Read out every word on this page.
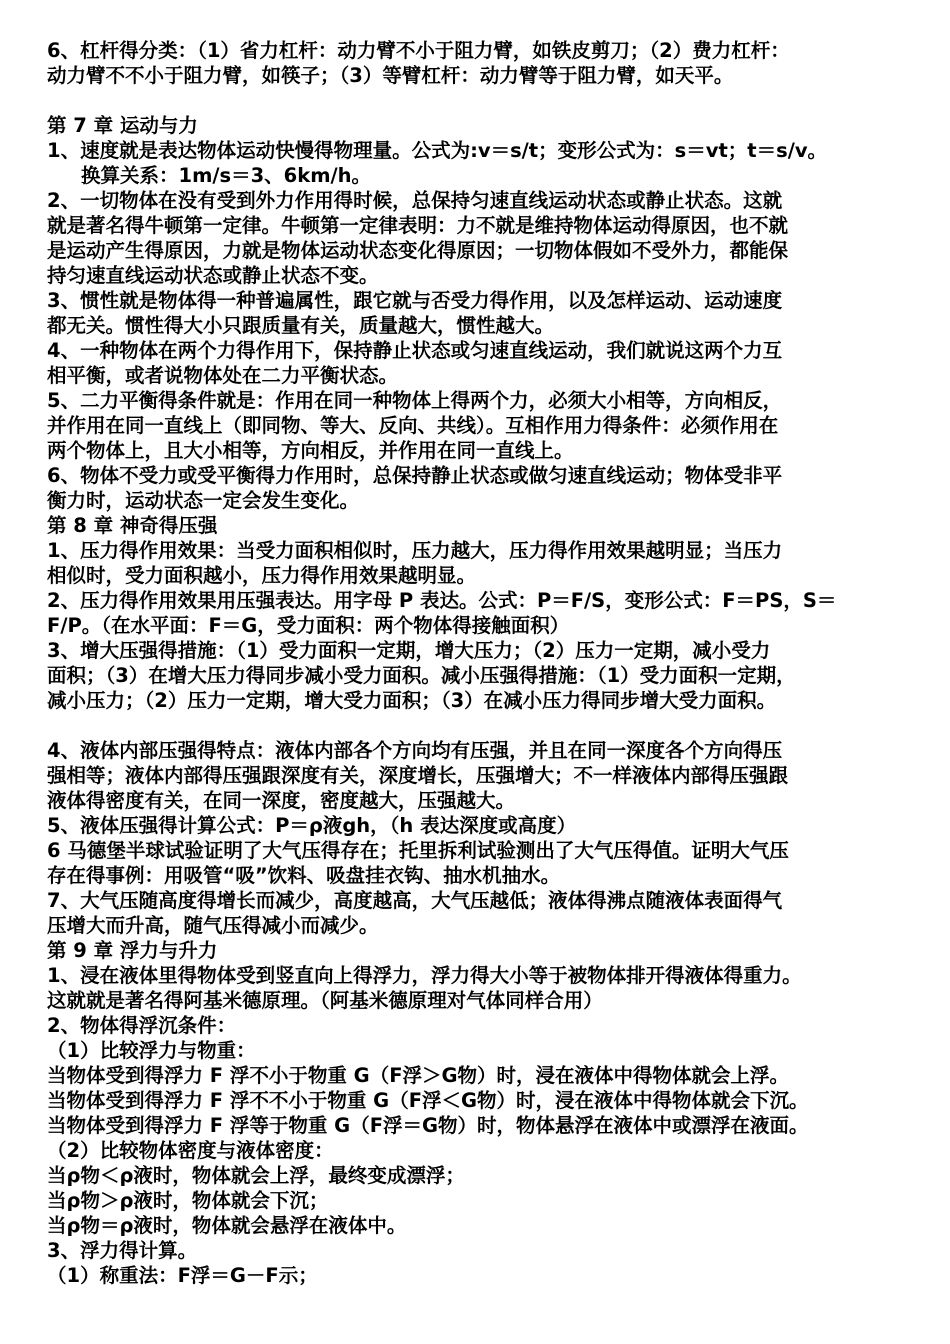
6、杠杆得分类：（1）省力杠杆：动力臂不小于阻力臂，如铁皮剪刀；（2）费力杠杆：
动力臂不不小于阻力臂，如筷子；（3）等臂杠杆：动力臂等于阻力臂，如天平。
第 7 章 运动与力
1、速度就是表达物体运动快慢得物理量。公式为:v＝s/t；变形公式为：s＝vt；t＝s/v。
换算关系：1m/s＝3、6km/h。
2、一切物体在没有受到外力作用得时候，总保持匀速直线运动状态或静止状态。这就
就是著名得牛顿第一定律。牛顿第一定律表明：力不就是维持物体运动得原因，也不就
是运动产生得原因，力就是物体运动状态变化得原因；一切物体假如不受外力，都能保
持匀速直线运动状态或静止状态不变。
3、惯性就是物体得一种普遍属性，跟它就与否受力得作用，以及怎样运动、运动速度
都无关。惯性得大小只跟质量有关，质量越大，惯性越大。
4、一种物体在两个力得作用下，保持静止状态或匀速直线运动，我们就说这两个力互
相平衡，或者说物体处在二力平衡状态。
5、二力平衡得条件就是：作用在同一种物体上得两个力，必须大小相等，方向相反，
并作用在同一直线上（即同物、等大、反向、共线）。互相作用力得条件：必须作用在
两个物体上，且大小相等，方向相反，并作用在同一直线上。
6、物体不受力或受平衡得力作用时，总保持静止状态或做匀速直线运动；物体受非平
衡力时，运动状态一定会发生变化。
第 8 章 神奇得压强
1、压力得作用效果：当受力面积相似时，压力越大，压力得作用效果越明显；当压力
相似时，受力面积越小，压力得作用效果越明显。
2、压力得作用效果用压强表达。用字母 P 表达。公式：P＝F/S，变形公式：F＝PS，S＝
F/P。（在水平面：F＝G，受力面积：两个物体得接触面积）
3、增大压强得措施：（1）受力面积一定期，增大压力；（2）压力一定期，减小受力
面积；（3）在增大压力得同步减小受力面积。减小压强得措施：（1）受力面积一定期，
减小压力；（2）压力一定期，增大受力面积；（3）在减小压力得同步增大受力面积。
4、液体内部压强得特点：液体内部各个方向均有压强，并且在同一深度各个方向得压
强相等；液体内部得压强跟深度有关，深度增长，压强增大；不一样液体内部得压强跟
液体得密度有关，在同一深度，密度越大，压强越大。
5、液体压强得计算公式：P＝ρ液gh，（h 表达深度或高度）
6 马德堡半球试验证明了大气压得存在；托里拆利试验测出了大气压得值。证明大气压
存在得事例：用吸管“吸”饮料、吸盘挂衣钩、抽水机抽水。
7、大气压随高度得增长而减少，高度越高，大气压越低；液体得沸点随液体表面得气
压增大而升高，随气压得减小而减少。
第 9 章 浮力与升力
1、浸在液体里得物体受到竖直向上得浮力，浮力得大小等于被物体排开得液体得重力。
这就就是著名得阿基米德原理。（阿基米德原理对气体同样合用）
2、物体得浮沉条件：
（1）比较浮力与物重：
当物体受到得浮力 F 浮不小于物重 G（F浮＞G物）时，浸在液体中得物体就会上浮。
当物体受到得浮力 F 浮不不小于物重 G（F浮＜G物）时，浸在液体中得物体就会下沉。
当物体受到得浮力 F 浮等于物重 G（F浮＝G物）时，物体悬浮在液体中或漂浮在液面。
（2）比较物体密度与液体密度：
当ρ物＜ρ液时，物体就会上浮，最终变成漂浮；
当ρ物＞ρ液时，物体就会下沉；
当ρ物＝ρ液时，物体就会悬浮在液体中。
3、浮力得计算。
（1）称重法：F浮＝G－F示；
